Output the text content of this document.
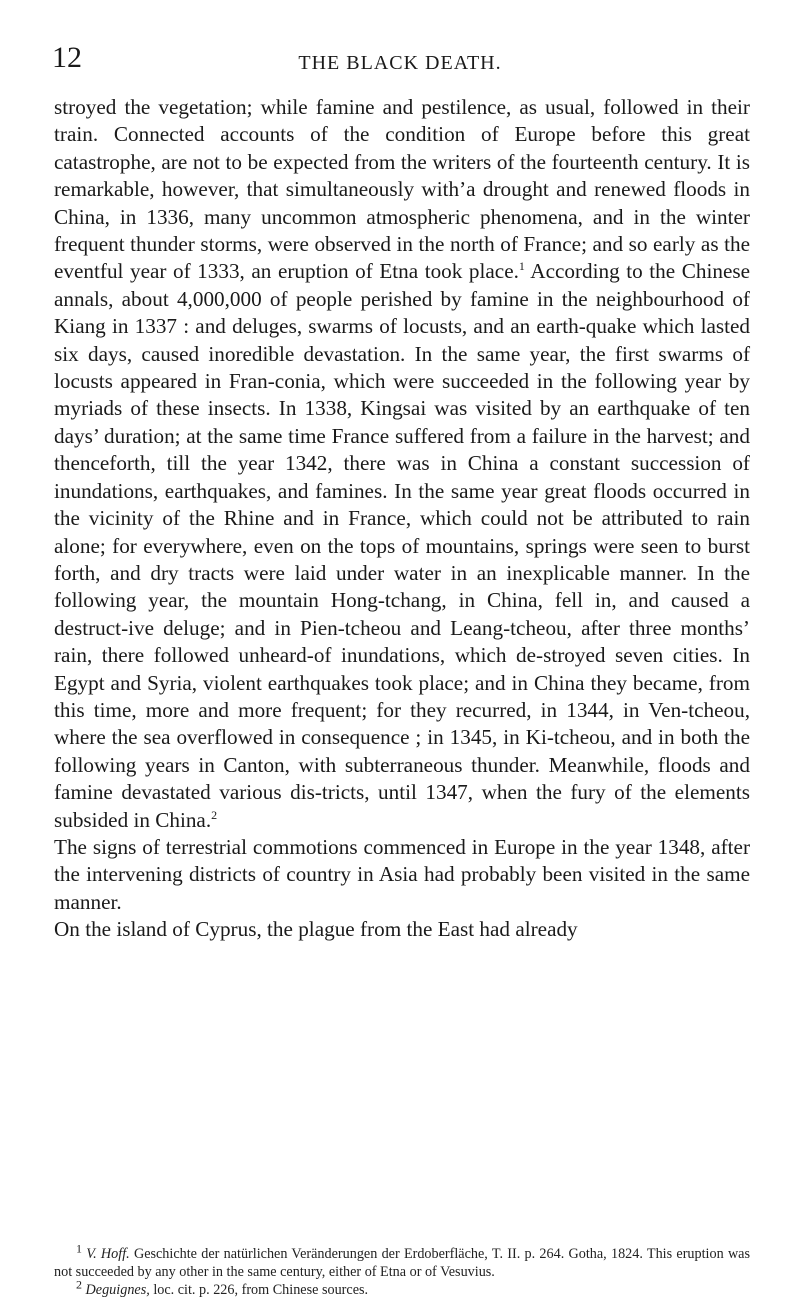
12	THE BLACK DEATH.

stroyed the vegetation; while famine and pestilence, as usual, followed in their train. Connected accounts of the condition of Europe before this great catastrophe, are not to be expected from the writers of the fourteenth century. It is remarkable, however, that simultaneously withʼa drought and renewed floods in China, in 1336, many uncommon atmospheric phenomena, and in the winter frequent thunder storms, were observed in the north of France; and so early as the eventful year of 1333, an eruption of Etna took place.$^1$ According to the Chinese annals, about 4,000,000 of people perished by famine in the neighbourhood of Kiang in 1337 : and deluges, swarms of locusts, and an earth-quake which lasted six days, caused inoredible devastation. In the same year, the first swarms of locusts appeared in Fran-conia, which were succeeded in the following year by myriads of these insects. In 1338, Kingsai was visited by an earthquake of ten days’ duration; at the same time France suffered from a failure in the harvest; and thenceforth, till the year 1342, there was in China a constant succession of inundations, earthquakes, and famines. In the same year great floods occurred in the vicinity of the Rhine and in France, which could not be attributed to rain alone; for everywhere, even on the tops of mountains, springs were seen to burst forth, and dry tracts were laid under water in an inexplicable manner. In the following year, the mountain Hong-tchang, in China, fell in, and caused a destruct-ive deluge; and in Pien-tcheou and Leang-tcheou, after three months’ rain, there followed unheard-of inundations, which de-stroyed seven cities. In Egypt and Syria, violent earthquakes took place; and in China they became, from this time, more and more frequent; for they recurred, in 1344, in Ven-tcheou, where the sea overflowed in consequence ; in 1345, in Ki-tcheou, and in both the following years in Canton, with subterraneous thunder. Meanwhile, floods and famine devastated various dis-tricts, until 1347, when the fury of the elements subsided in China.$^2$

The signs of terrestrial commotions commenced in Europe in the year 1348, after the intervening districts of country in Asia had probably been visited in the same manner.

On the island of Cyprus, the plague from the East had already

$^1$ V. Hoff. Geschichte der natürlichen Veränderungen der Erdoberfläche, T. II. p. 264. Gotha, 1824. This eruption was not succeeded by any other in the same century, either of Etna or of Vesuvius.

$^2$ Deguignes, loc. cit. p. 226, from Chinese sources.
